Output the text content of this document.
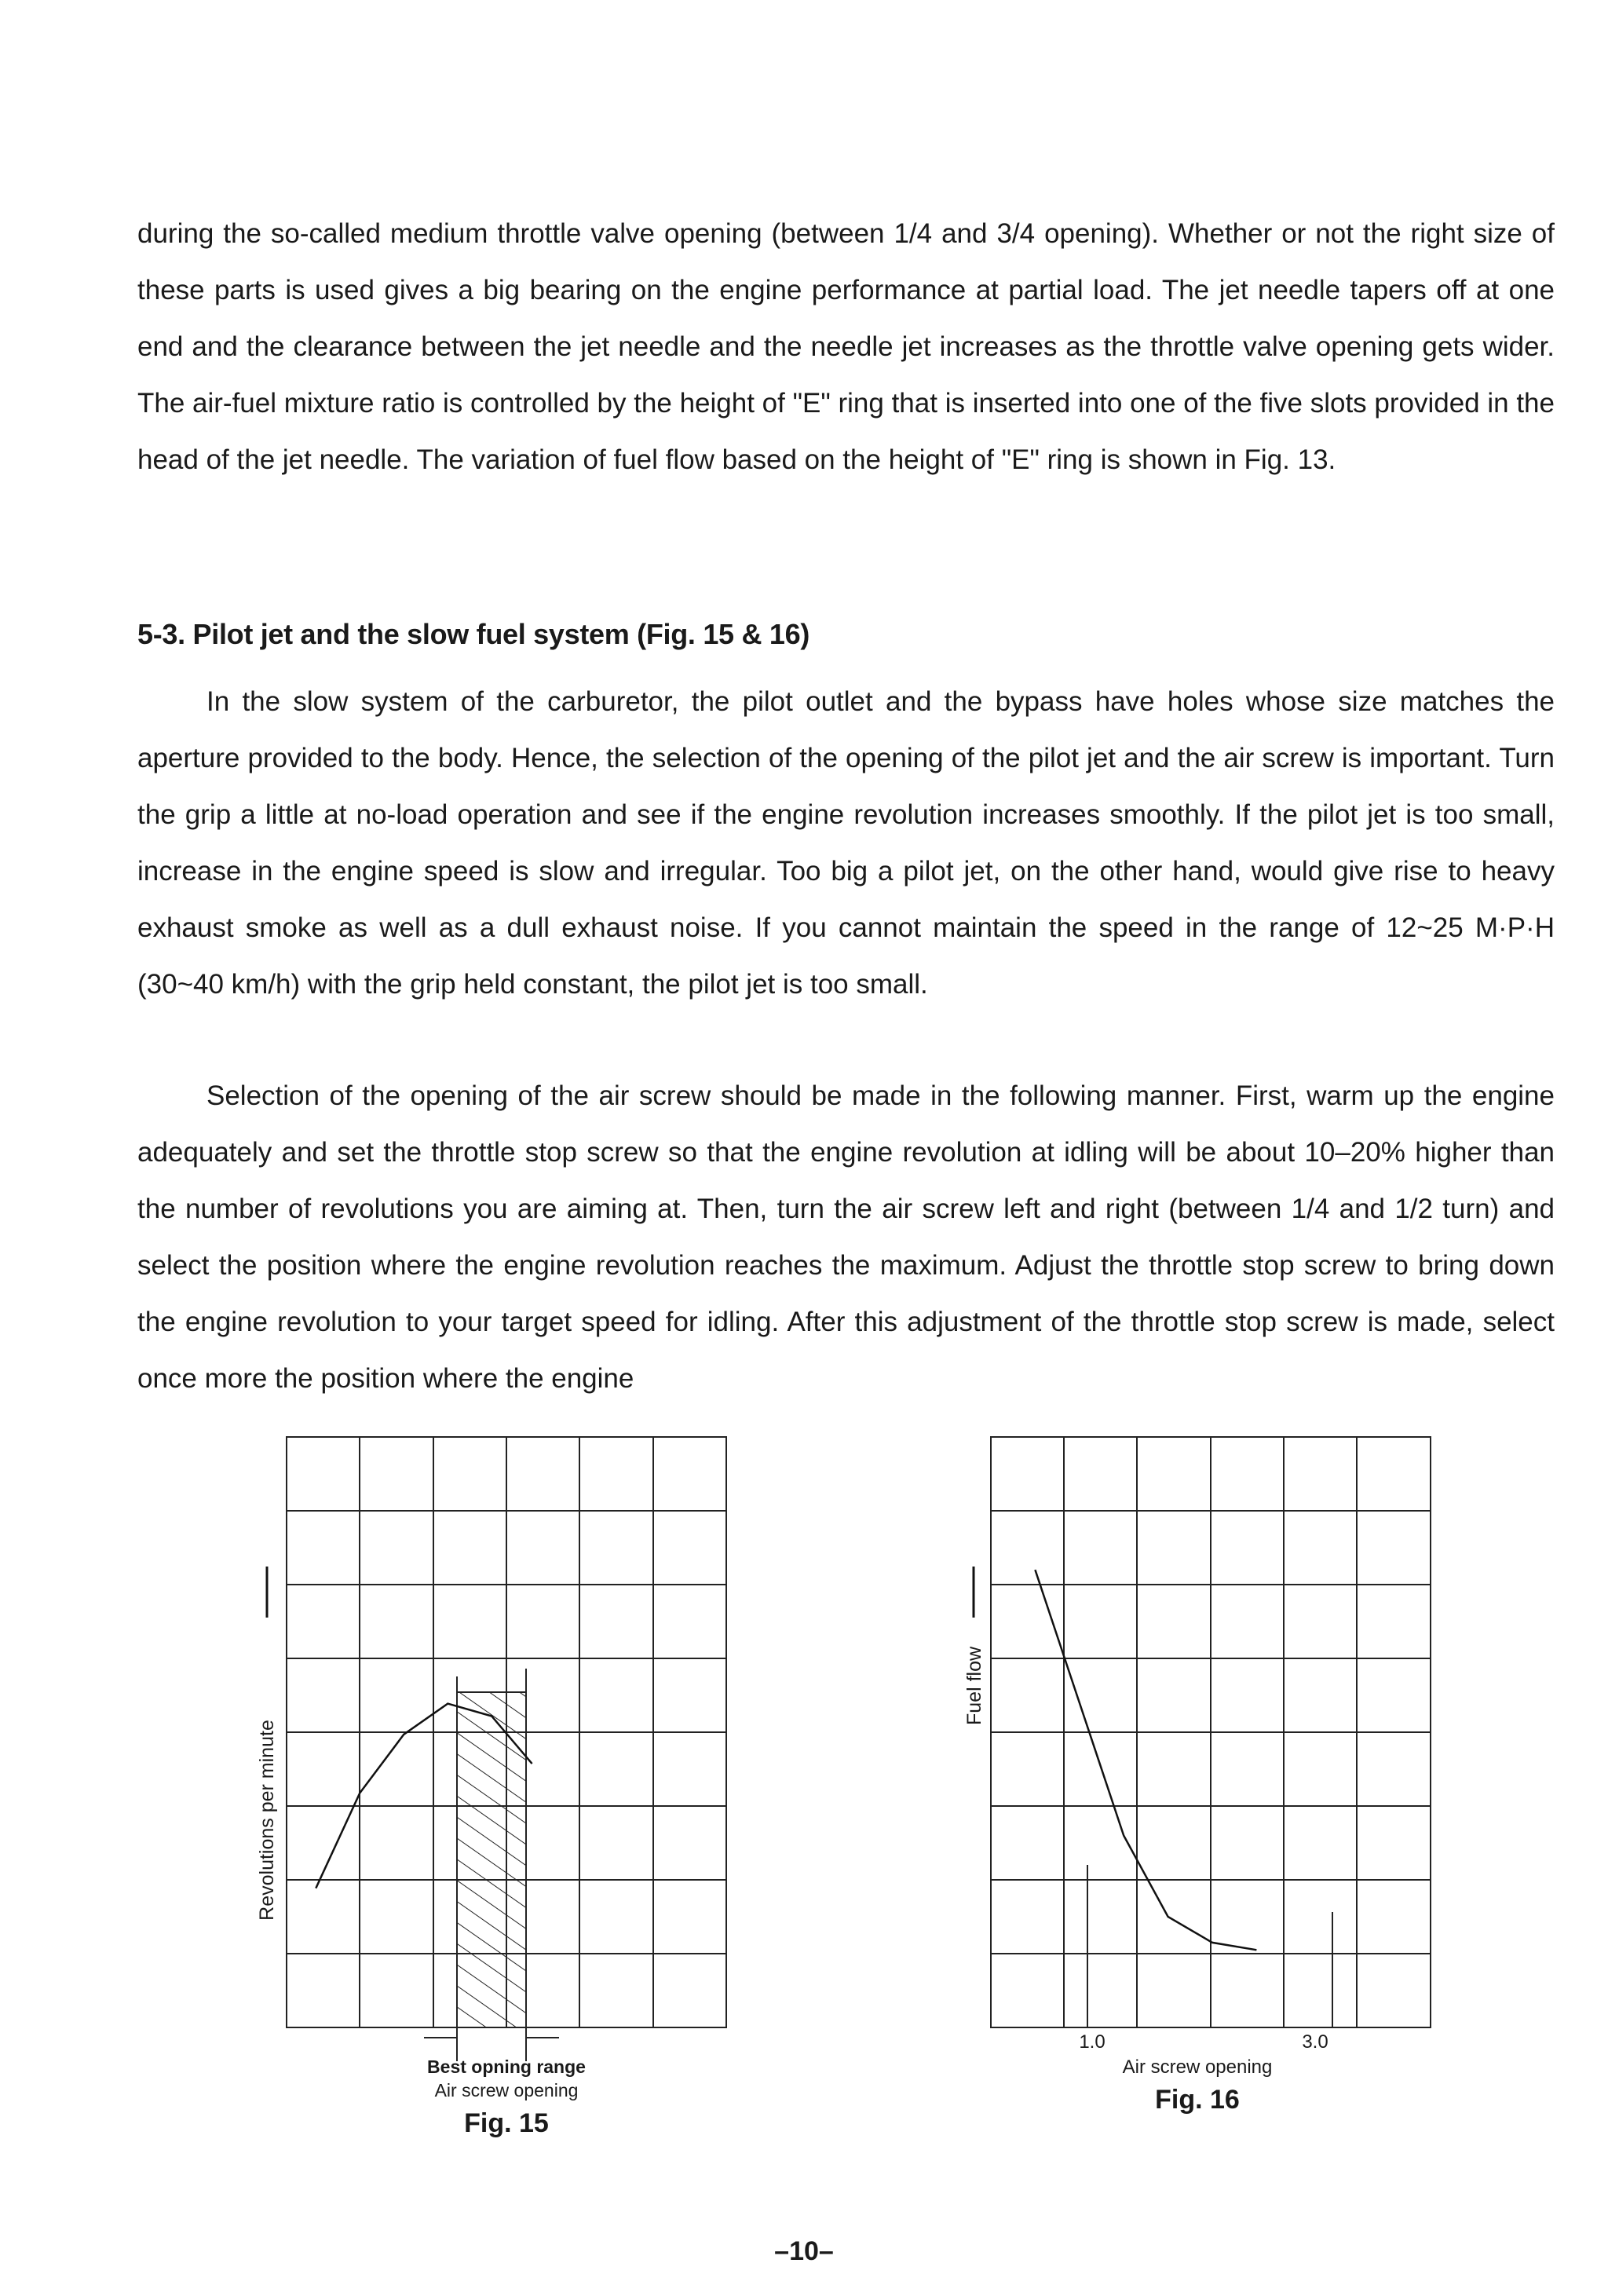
during the so-called medium throttle valve opening (between 1/4 and 3/4 opening). Whether or not the right size of these parts is used gives a big bearing on the engine performance at partial load. The jet needle tapers off at one end and the clearance between the jet needle and the needle jet increases as the throttle valve opening gets wider. The air-fuel mixture ratio is controlled by the height of "E" ring that is inserted into one of the five slots provided in the head of the jet needle. The variation of fuel flow based on the height of "E" ring is shown in Fig. 13.

5-3. Pilot jet and the slow fuel system (Fig. 15 & 16)

In the slow system of the carburetor, the pilot outlet and the bypass have holes whose size matches the aperture provided to the body. Hence, the selection of the opening of the pilot jet and the air screw is important. Turn the grip a little at no-load operation and see if the engine revolution increases smoothly. If the pilot jet is too small, increase in the engine speed is slow and irregular. Too big a pilot jet, on the other hand, would give rise to heavy exhaust smoke as well as a dull exhaust noise. If you cannot maintain the speed in the range of 12~25 M·P·H (30~40 km/h) with the grip held constant, the pilot jet is too small.

Selection of the opening of the air screw should be made in the following manner. First, warm up the engine adequately and set the throttle stop screw so that the engine revolution at idling will be about 10–20% higher than the number of revolutions you are aiming at. Then, turn the air screw left and right (between 1/4 and 1/2 turn) and select the position where the engine revolution reaches the maximum. Adjust the throttle stop screw to bring down the engine revolution to your target speed for idling. After this adjustment of the throttle stop screw is made, select once more the position where the engine

Revolutions per minute
Best opning range
Air screw opening
Fig. 15
Fuel flow
1.0	3.0
Air screw opening
Fig. 16

–10–
